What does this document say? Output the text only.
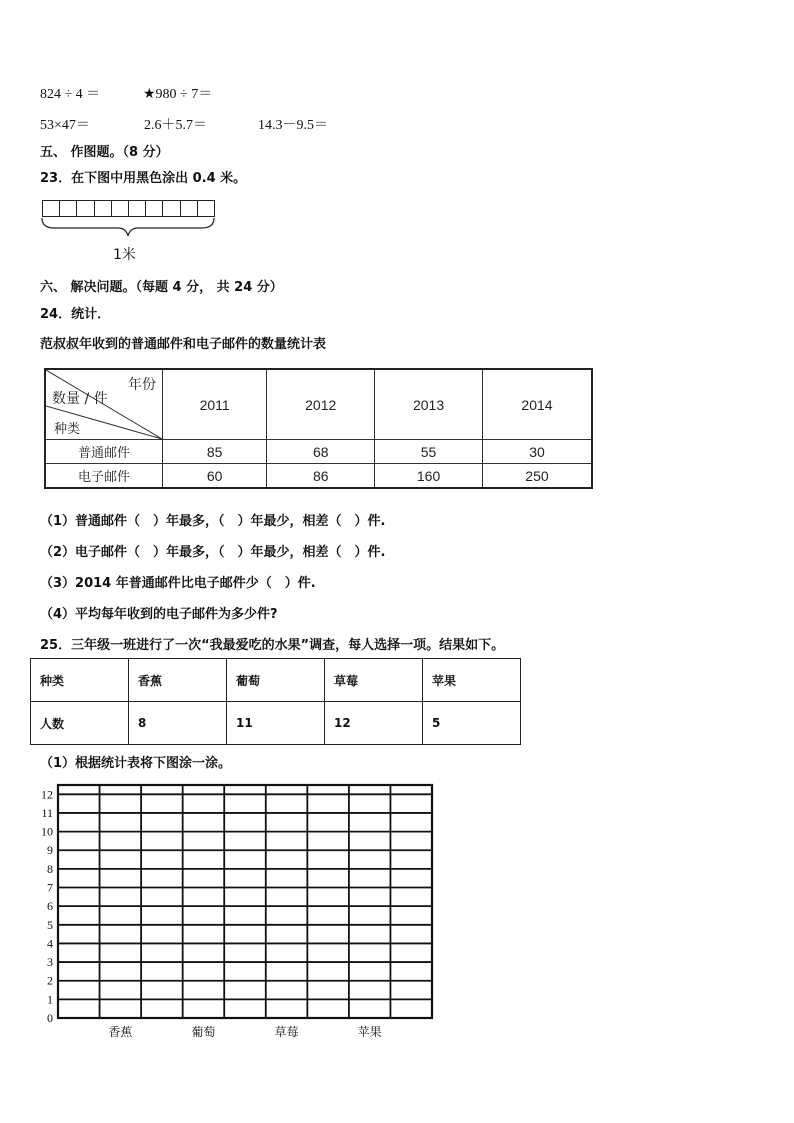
824 ÷ 4 ＝	★980 ÷ 7＝
53×47＝	2.6＋5.7＝	14.3－9.5＝
五、 作图题。（8 分）
23．在下图中用黑色涂出 0.4 米。
1米
六、 解决问题。（每题 4 分， 共 24 分）
24．统计．
范叔叔年收到的普通邮件和电子邮件的数量统计表
年份
数量 / 件
种类	2011	2012	2013	2014
普通邮件	85	68	55	30
电子邮件	60	86	160	250
（1）普通邮件（　）年最多，（　）年最少，相差（　）件.
（2）电子邮件（　）年最多，（　）年最少，相差（　）件.
（3）2014 年普通邮件比电子邮件少（　）件.
（4）平均每年收到的电子邮件为多少件?
25．三年级一班进行了一次“我最爱吃的水果”调查，每人选择一项。结果如下。
种类	香蕉	葡萄	草莓	苹果
人数	8	11	12	5
（1）根据统计表将下图涂一涂。
0
1
2
3
4
5
6
7
8
9
10
11
12
香蕉	葡萄	草莓	苹果
